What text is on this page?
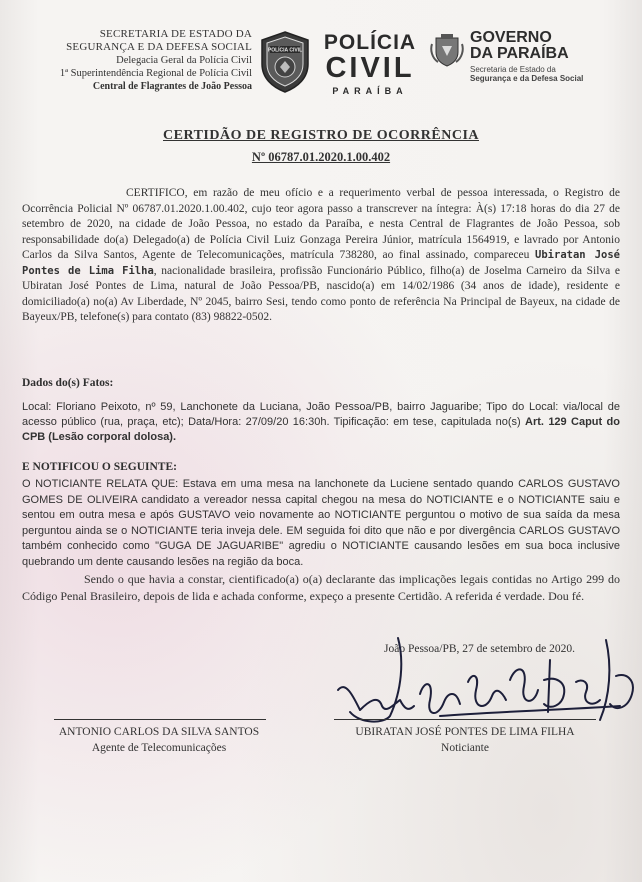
SECRETARIA DE ESTADO DA
SEGURANÇA E DA DEFESA SOCIAL
Delegacia Geral da Polícia Civil
1ª Superintendência Regional de Polícia Civil
Central de Flagrantes de João Pessoa
POLÍCIA CIVIL POLÍCIA
CIVIL
PARAÍBA
GOVERNO
DA PARAÍBA
Secretaria de Estado da
Segurança e da Defesa Social
CERTIDÃO DE REGISTRO DE OCORRÊNCIA
Nº 06787.01.2020.1.00.402
CERTIFICO, em razão de meu ofício e a requerimento verbal de pessoa interessada, o Registro de Ocorrência Policial Nº 06787.01.2020.1.00.402, cujo teor agora passo a transcrever na íntegra: À(s) 17:18 horas do dia 27 de setembro de 2020, na cidade de João Pessoa, no estado da Paraíba, e nesta Central de Flagrantes de João Pessoa, sob responsabilidade do(a) Delegado(a) de Polícia Civil Luiz Gonzaga Pereira Júnior, matrícula 1564919, e lavrado por Antonio Carlos da Silva Santos, Agente de Telecomunicações, matrícula 738280, ao final assinado, compareceu Ubiratan José Pontes de Lima Filha, nacionalidade brasileira, profissão Funcionário Público, filho(a) de Joselma Carneiro da Silva e Ubiratan José Pontes de Lima, natural de João Pessoa/PB, nascido(a) em 14/02/1986 (34 anos de idade), residente e domiciliado(a) no(a) Av Liberdade, Nº 2045, bairro Sesi, tendo como ponto de referência Na Principal de Bayeux, na cidade de Bayeux/PB, telefone(s) para contato (83) 98822-0502.
Dados do(s) Fatos:
Local: Floriano Peixoto, nº 59, Lanchonete da Luciana, João Pessoa/PB, bairro Jaguaribe; Tipo do Local: via/local de acesso público (rua, praça, etc); Data/Hora: 27/09/20 16:30h. Tipificação: em tese, capitulada no(s) Art. 129 Caput do CPB (Lesão corporal dolosa).
E NOTIFICOU O SEGUINTE:
O NOTICIANTE RELATA QUE: Estava em uma mesa na lanchonete da Luciene sentado quando CARLOS GUSTAVO GOMES DE OLIVEIRA candidato a vereador nessa capital chegou na mesa do NOTICIANTE e o NOTICIANTE saiu e sentou em outra mesa e após GUSTAVO veio novamente ao NOTICIANTE perguntou o motivo de sua saída da mesa perguntou ainda se o NOTICIANTE teria inveja dele. EM seguida foi dito que não e por divergência CARLOS GUSTAVO também conhecido como "GUGA DE JAGUARIBE" agrediu o NOTICIANTE causando lesões em sua boca inclusive quebrando um dente causando lesões na região da boca.
Sendo o que havia a constar, cientificado(a) o(a) declarante das implicações legais contidas no Artigo 299 do Código Penal Brasileiro, depois de lida e achada conforme, expeço a presente Certidão. A referida é verdade. Dou fé.
João Pessoa/PB, 27 de setembro de 2020.
ANTONIO CARLOS DA SILVA SANTOS
Agente de Telecomunicações
UBIRATAN JOSÉ PONTES DE LIMA FILHA
Noticiante
